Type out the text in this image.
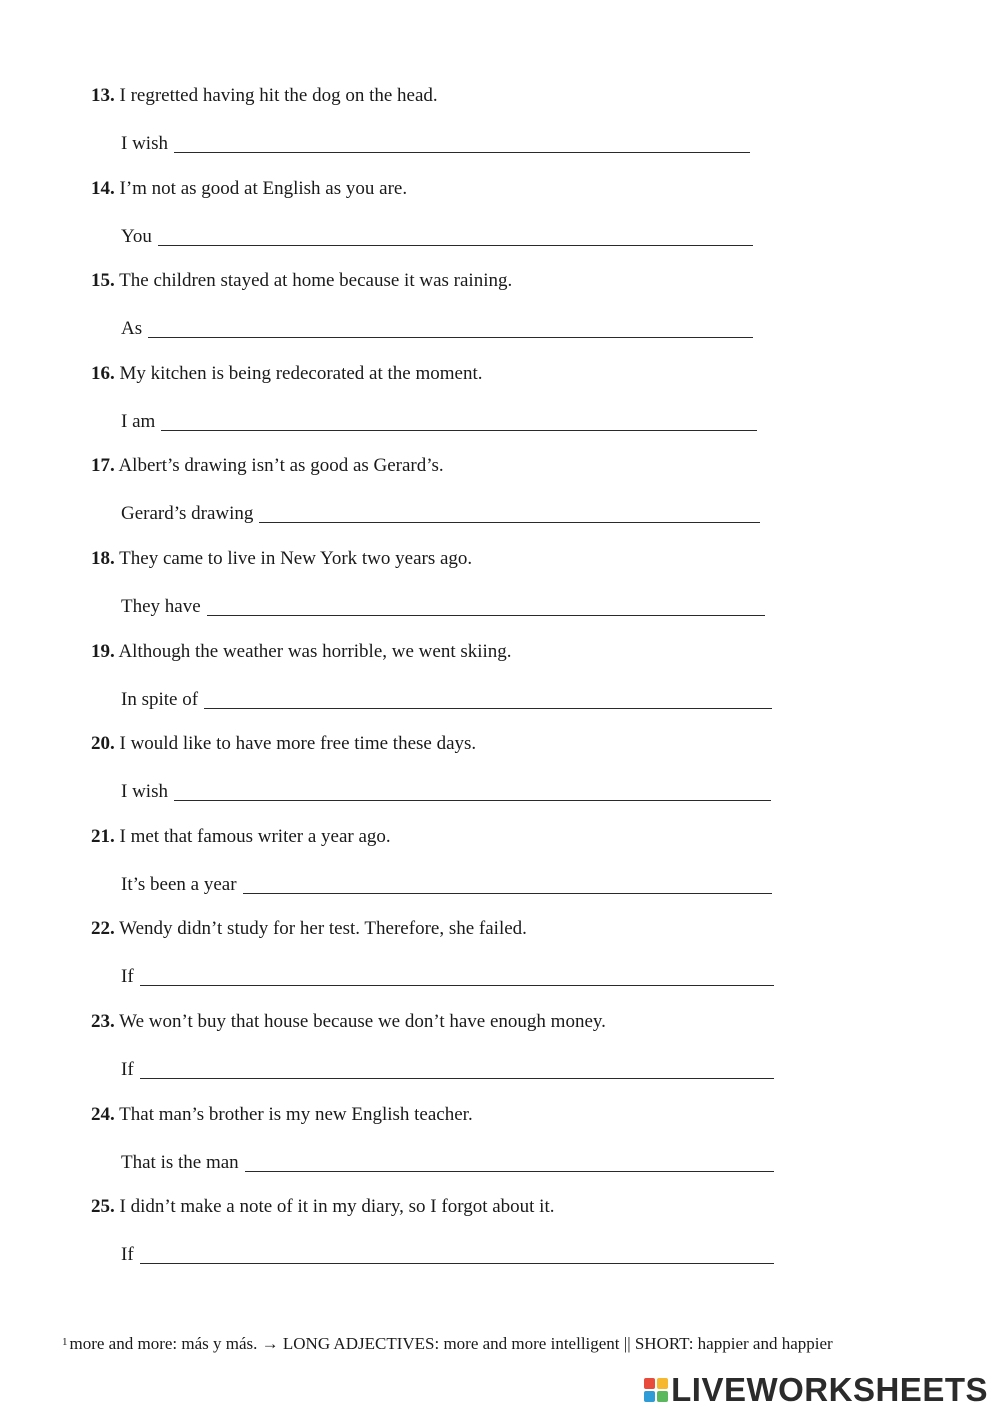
13. I regretted having hit the dog on the head.
I wish
14. I’m not as good at English as you are.
You
15. The children stayed at home because it was raining.
As
16. My kitchen is being redecorated at the moment.
I am
17. Albert’s drawing isn’t as good as Gerard’s.
Gerard’s drawing
18. They came to live in New York two years ago.
They have
19. Although the weather was horrible, we went skiing.
In spite of
20. I would like to have more free time these days.
I wish
21. I met that famous writer a year ago.
It’s been a year
22. Wendy didn’t study for her test. Therefore, she failed.
If
23. We won’t buy that house because we don’t have enough money.
If
24. That man’s brother is my new English teacher.
That is the man
25. I didn’t make a note of it in my diary, so I forgot about it.
If
$^1$ more and more: más y más. → LONG ADJECTIVES: more and more intelligent || SHORT: happier and happier
LIVEWORKSHEETS
